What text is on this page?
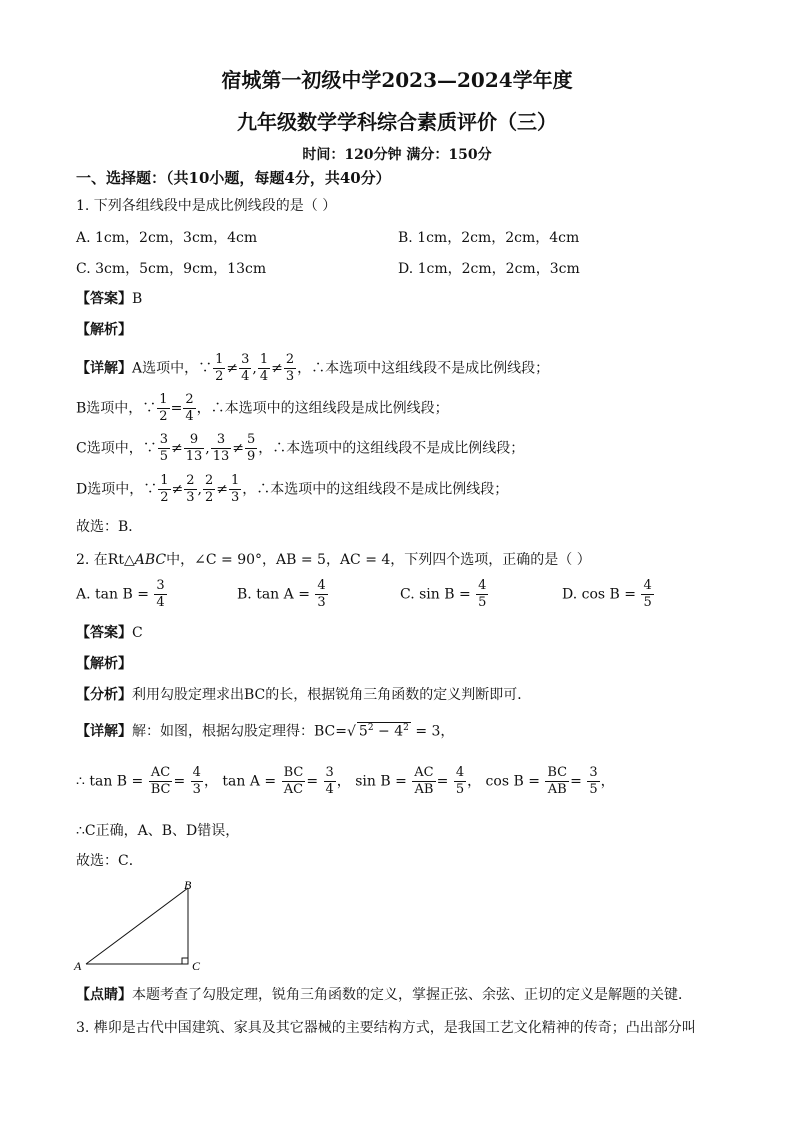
宿城第一初级中学2023—2024学年度
九年级数学学科综合素质评价（三）
时间：120分钟 满分：150分
一、选择题：（共10小题，每题4分，共40分）
1. 下列各组线段中是成比例线段的是（ ）
A. 1cm，2cm，3cm，4cm	B. 1cm，2cm，2cm，4cm
C. 3cm，5cm，9cm，13cm	D. 1cm，2cm，2cm，3cm
【答案】B
【解析】
【详解】A选项中，∵ $\frac{1}{2} \ne \frac{3}{4}$ , $\frac{1}{4} \ne \frac{2}{3}$ ，∴本选项中这组线段不是成比例线段；
B选项中，∵ $\frac{1}{2} = \frac{2}{4}$ ，∴本选项中的这组线段是成比例线段；
C选项中，∵ $\frac{3}{5} \ne \frac{9}{13}$ , $\frac{3}{13} \ne \frac{5}{9}$ ，∴本选项中的这组线段不是成比例线段；
D选项中，∵ $\frac{1}{2} \ne \frac{2}{3}$ , $\frac{2}{2} \ne \frac{1}{3}$ ，∴本选项中的这组线段不是成比例线段；
故选：B．
2. 在Rt△ABC中，∠C = 90°，AB = 5，AC = 4，下列四个选项，正确的是（ ）
A. $\tan B = \frac{3}{4}$	B. $\tan A = \frac{4}{3}$	C. $\sin B = \frac{4}{5}$	D. $\cos B = \frac{4}{5}$
【答案】C
【解析】
【分析】利用勾股定理求出BC的长，根据锐角三角函数的定义判断即可．
【详解】解：如图，根据勾股定理得：BC=√ $5^2 - 4^2 = 3$，
∴ $\tan B = \frac{AC}{BC} = \frac{4}{3}$ ， $\tan A = \frac{BC}{AC} = \frac{3}{4}$ ， $\sin B = \frac{AC}{AB} = \frac{4}{5}$ ， $\cos B = \frac{BC}{AB} = \frac{3}{5}$ ，
∴C正确，A、B、D错误，
故选：C．
A
B
C
【点睛】本题考查了勾股定理，锐角三角函数的定义，掌握正弦、余弦、正切的定义是解题的关键．
3. 榫卯是古代中国建筑、家具及其它器械的主要结构方式，是我国工艺文化精神的传奇；凸出部分叫
